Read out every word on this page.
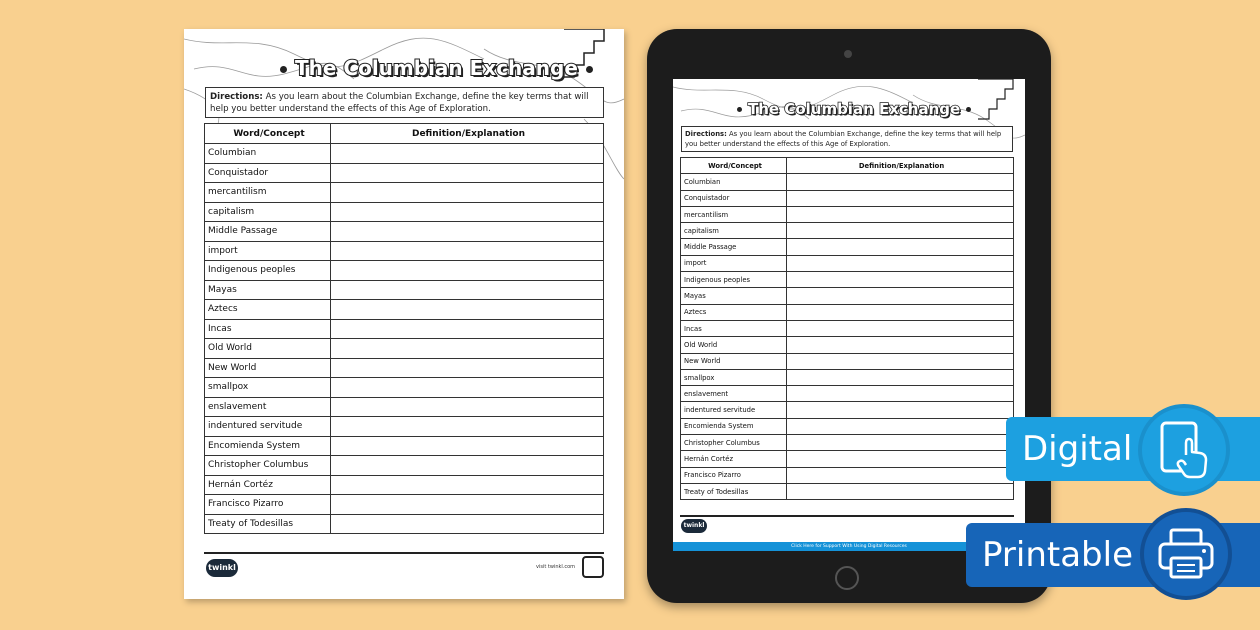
The Columbian Exchange
Directions: As you learn about the Columbian Exchange, define the key terms that will help you better understand the effects of this Age of Exploration.
Word/Concept	Definition/Explanation
Columbian	
Conquistador	
mercantilism	
capitalism	
Middle Passage	
import	
Indigenous peoples	
Mayas	
Aztecs	
Incas	
Old World	
New World	
smallpox	
enslavement	
indentured servitude	
Encomienda System	
Christopher Columbus	
Hernán Cortéz	
Francisco Pizarro	
Treaty of Todesillas	
twinkl	visit twinkl.com
The Columbian Exchange
Directions: As you learn about the Columbian Exchange, define the key terms that will help you better understand the effects of this Age of Exploration.
Word/Concept	Definition/Explanation
Columbian	
Conquistador	
mercantilism	
capitalism	
Middle Passage	
import	
Indigenous peoples	
Mayas	
Aztecs	
Incas	
Old World	
New World	
smallpox	
enslavement	
indentured servitude	
Encomienda System	
Christopher Columbus	
Hernán Cortéz	
Francisco Pizarro	
Treaty of Todesillas	
twinkl
Click Here for Support With Using Digital Resources
Digital
Printable
